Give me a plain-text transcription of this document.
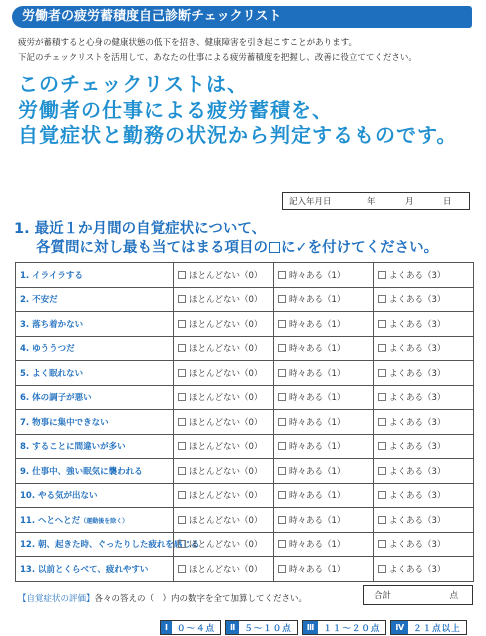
労働者の疲労蓄積度自己診断チェックリスト
疲労が蓄積すると心身の健康状態の低下を招き、健康障害を引き起こすことがあります。
下記のチェックリストを活用して、あなたの仕事による疲労蓄積度を把握し、改善に役立ててください。
このチェックリストは、
労働者の仕事による疲労蓄積を、
自覚症状と勤務の状況から判定するものです。
記入年月日	年	月	日
1. 最近１か月間の自覚症状について、
各質問に対し最も当てはまる項目の に✓を付けてください。
1. イライラする	ほとんどない（0）	時々ある（1）	よくある（3）
2. 不安だ	ほとんどない（0）	時々ある（1）	よくある（3）
3. 落ち着かない	ほとんどない（0）	時々ある（1）	よくある（3）
4. ゆううつだ	ほとんどない（0）	時々ある（1）	よくある（3）
5. よく眠れない	ほとんどない（0）	時々ある（1）	よくある（3）
6. 体の調子が悪い	ほとんどない（0）	時々ある（1）	よくある（3）
7. 物事に集中できない	ほとんどない（0）	時々ある（1）	よくある（3）
8. することに間違いが多い	ほとんどない（0）	時々ある（1）	よくある（3）
9. 仕事中、強い眠気に襲われる	ほとんどない（0）	時々ある（1）	よくある（3）
10. やる気が出ない	ほとんどない（0）	時々ある（1）	よくある（3）
11. へとへとだ（運動後を除く）	ほとんどない（0）	時々ある（1）	よくある（3）
12. 朝、起きた時、ぐったりした疲れを感じる	ほとんどない（0）	時々ある（1）	よくある（3）
13. 以前とくらべて、疲れやすい	ほとんどない（0）	時々ある（1）	よくある（3）
【自覚症状の評価】各々の答えの（　）内の数字を全て加算してください。	合計	点
Ⅰ	０〜４点	Ⅱ	５〜１０点	Ⅲ	１１〜２０点	Ⅳ	２１点以上
